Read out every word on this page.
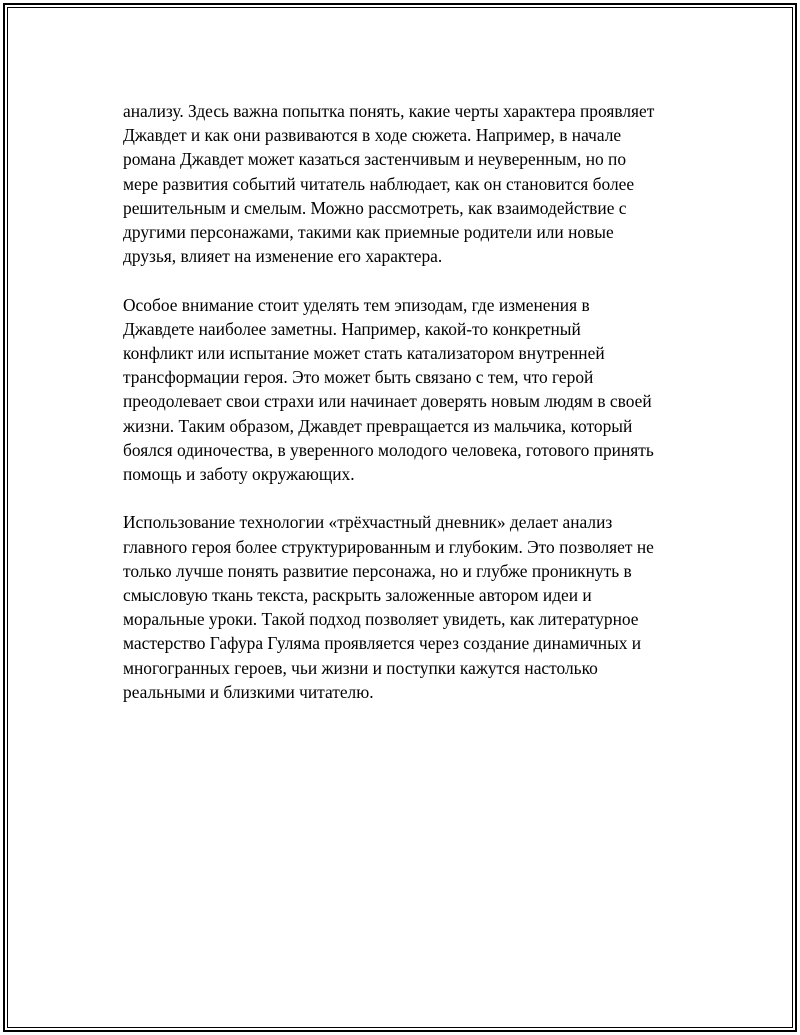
анализу. Здесь важна попытка понять, какие черты характера проявляет
Джавдет и как они развиваются в ходе сюжета. Например, в начале
романа Джавдет может казаться застенчивым и неуверенным, но по
мере развития событий читатель наблюдает, как он становится более
решительным и смелым. Можно рассмотреть, как взаимодействие с
другими персонажами, такими как приемные родители или новые
друзья, влияет на изменение его характера.

Особое внимание стоит уделять тем эпизодам, где изменения в
Джавдете наиболее заметны. Например, какой-то конкретный
конфликт или испытание может стать катализатором внутренней
трансформации героя. Это может быть связано с тем, что герой
преодолевает свои страхи или начинает доверять новым людям в своей
жизни. Таким образом, Джавдет превращается из мальчика, который
боялся одиночества, в уверенного молодого человека, готового принять
помощь и заботу окружающих.

Использование технологии «трёхчастный дневник» делает анализ
главного героя более структурированным и глубоким. Это позволяет не
только лучше понять развитие персонажа, но и глубже проникнуть в
смысловую ткань текста, раскрыть заложенные автором идеи и
моральные уроки. Такой подход позволяет увидеть, как литературное
мастерство Гафура Гуляма проявляется через создание динамичных и
многогранных героев, чьи жизни и поступки кажутся настолько
реальными и близкими читателю.
